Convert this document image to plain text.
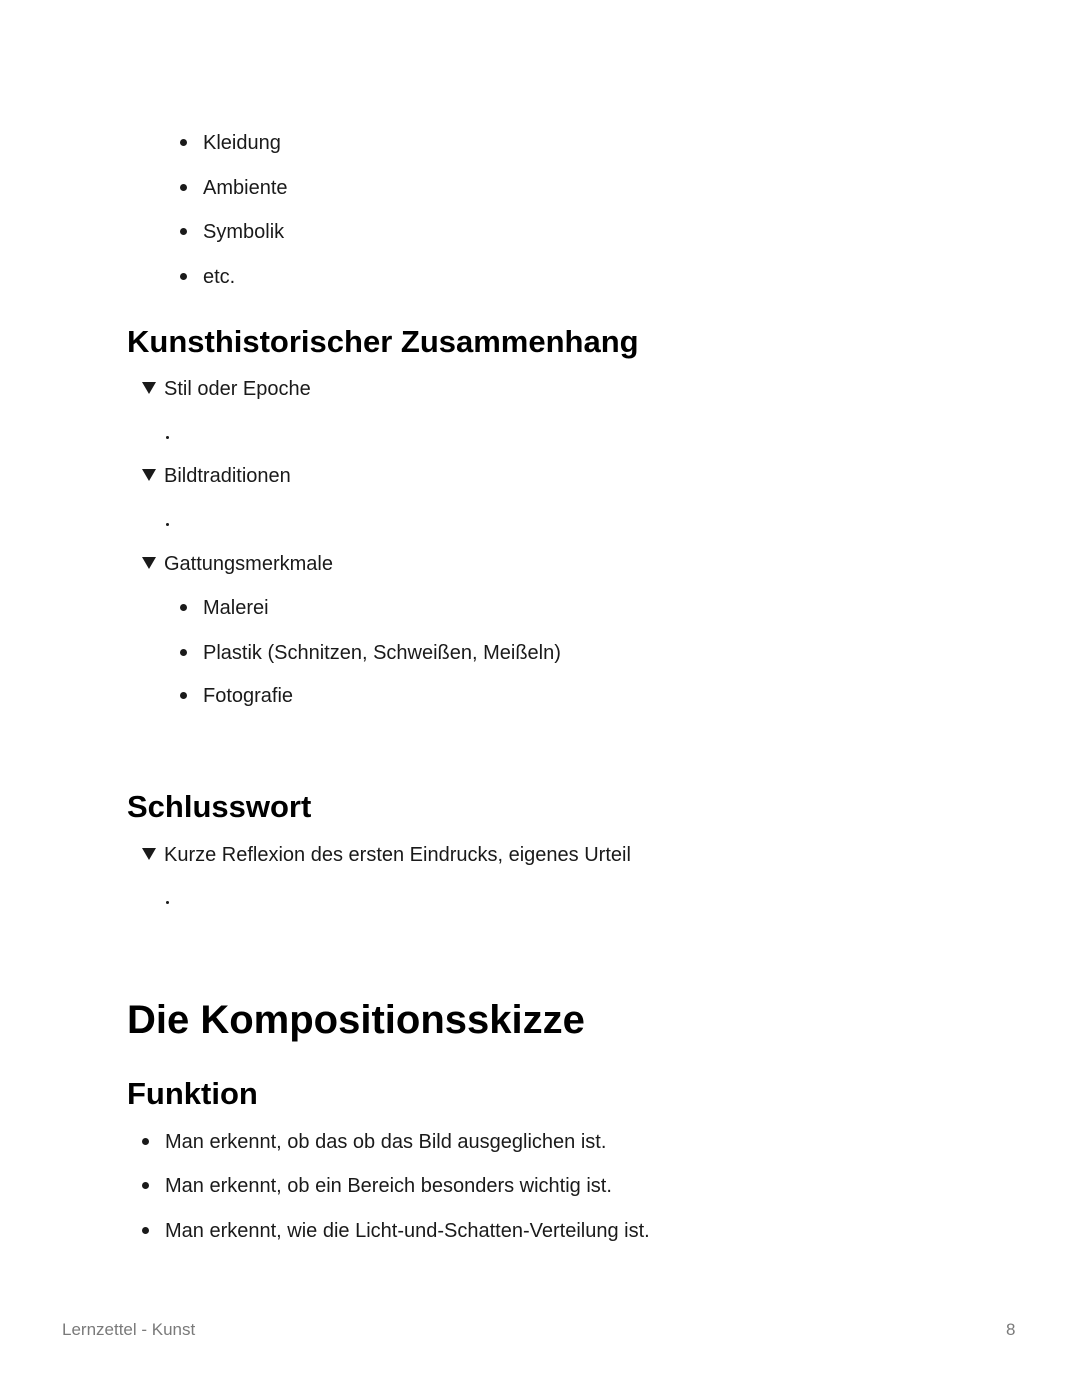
Kleidung
Ambiente
Symbolik
etc.
Kunsthistorischer Zusammenhang
Stil oder Epoche
Bildtraditionen
Gattungsmerkmale
Malerei
Plastik (Schnitzen, Schweißen, Meißeln)
Fotografie
Schlusswort
Kurze Reflexion des ersten Eindrucks, eigenes Urteil
Die Kompositionsskizze
Funktion
Man erkennt, ob das ob das Bild ausgeglichen ist.
Man erkennt, ob ein Bereich besonders wichtig ist.
Man erkennt, wie die Licht-und-Schatten-Verteilung ist.
Lernzettel - Kunst	8
